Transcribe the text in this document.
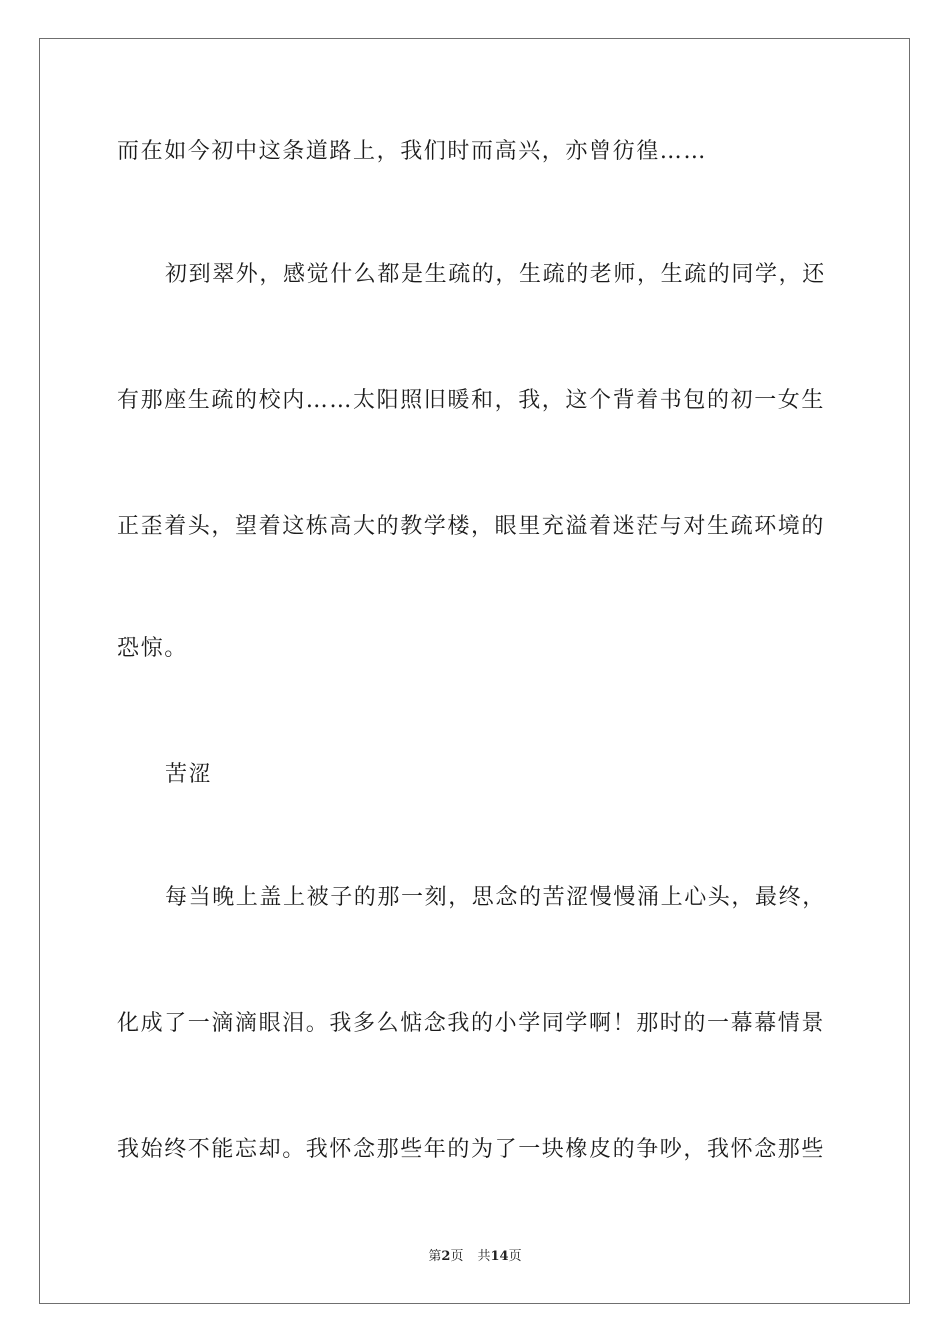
而在如今初中这条道路上，我们时而高兴，亦曾彷徨……
初到翠外，感觉什么都是生疏的，生疏的老师，生疏的同学，还
有那座生疏的校内……太阳照旧暖和，我，这个背着书包的初一女生
正歪着头，望着这栋高大的教学楼，眼里充溢着迷茫与对生疏环境的
恐惊。
苦涩
每当晚上盖上被子的那一刻，思念的苦涩慢慢涌上心头，最终，
化成了一滴滴眼泪。我多么惦念我的小学同学啊！那时的一幕幕情景
我始终不能忘却。我怀念那些年的为了一块橡皮的争吵，我怀念那些
第2页 共14页
